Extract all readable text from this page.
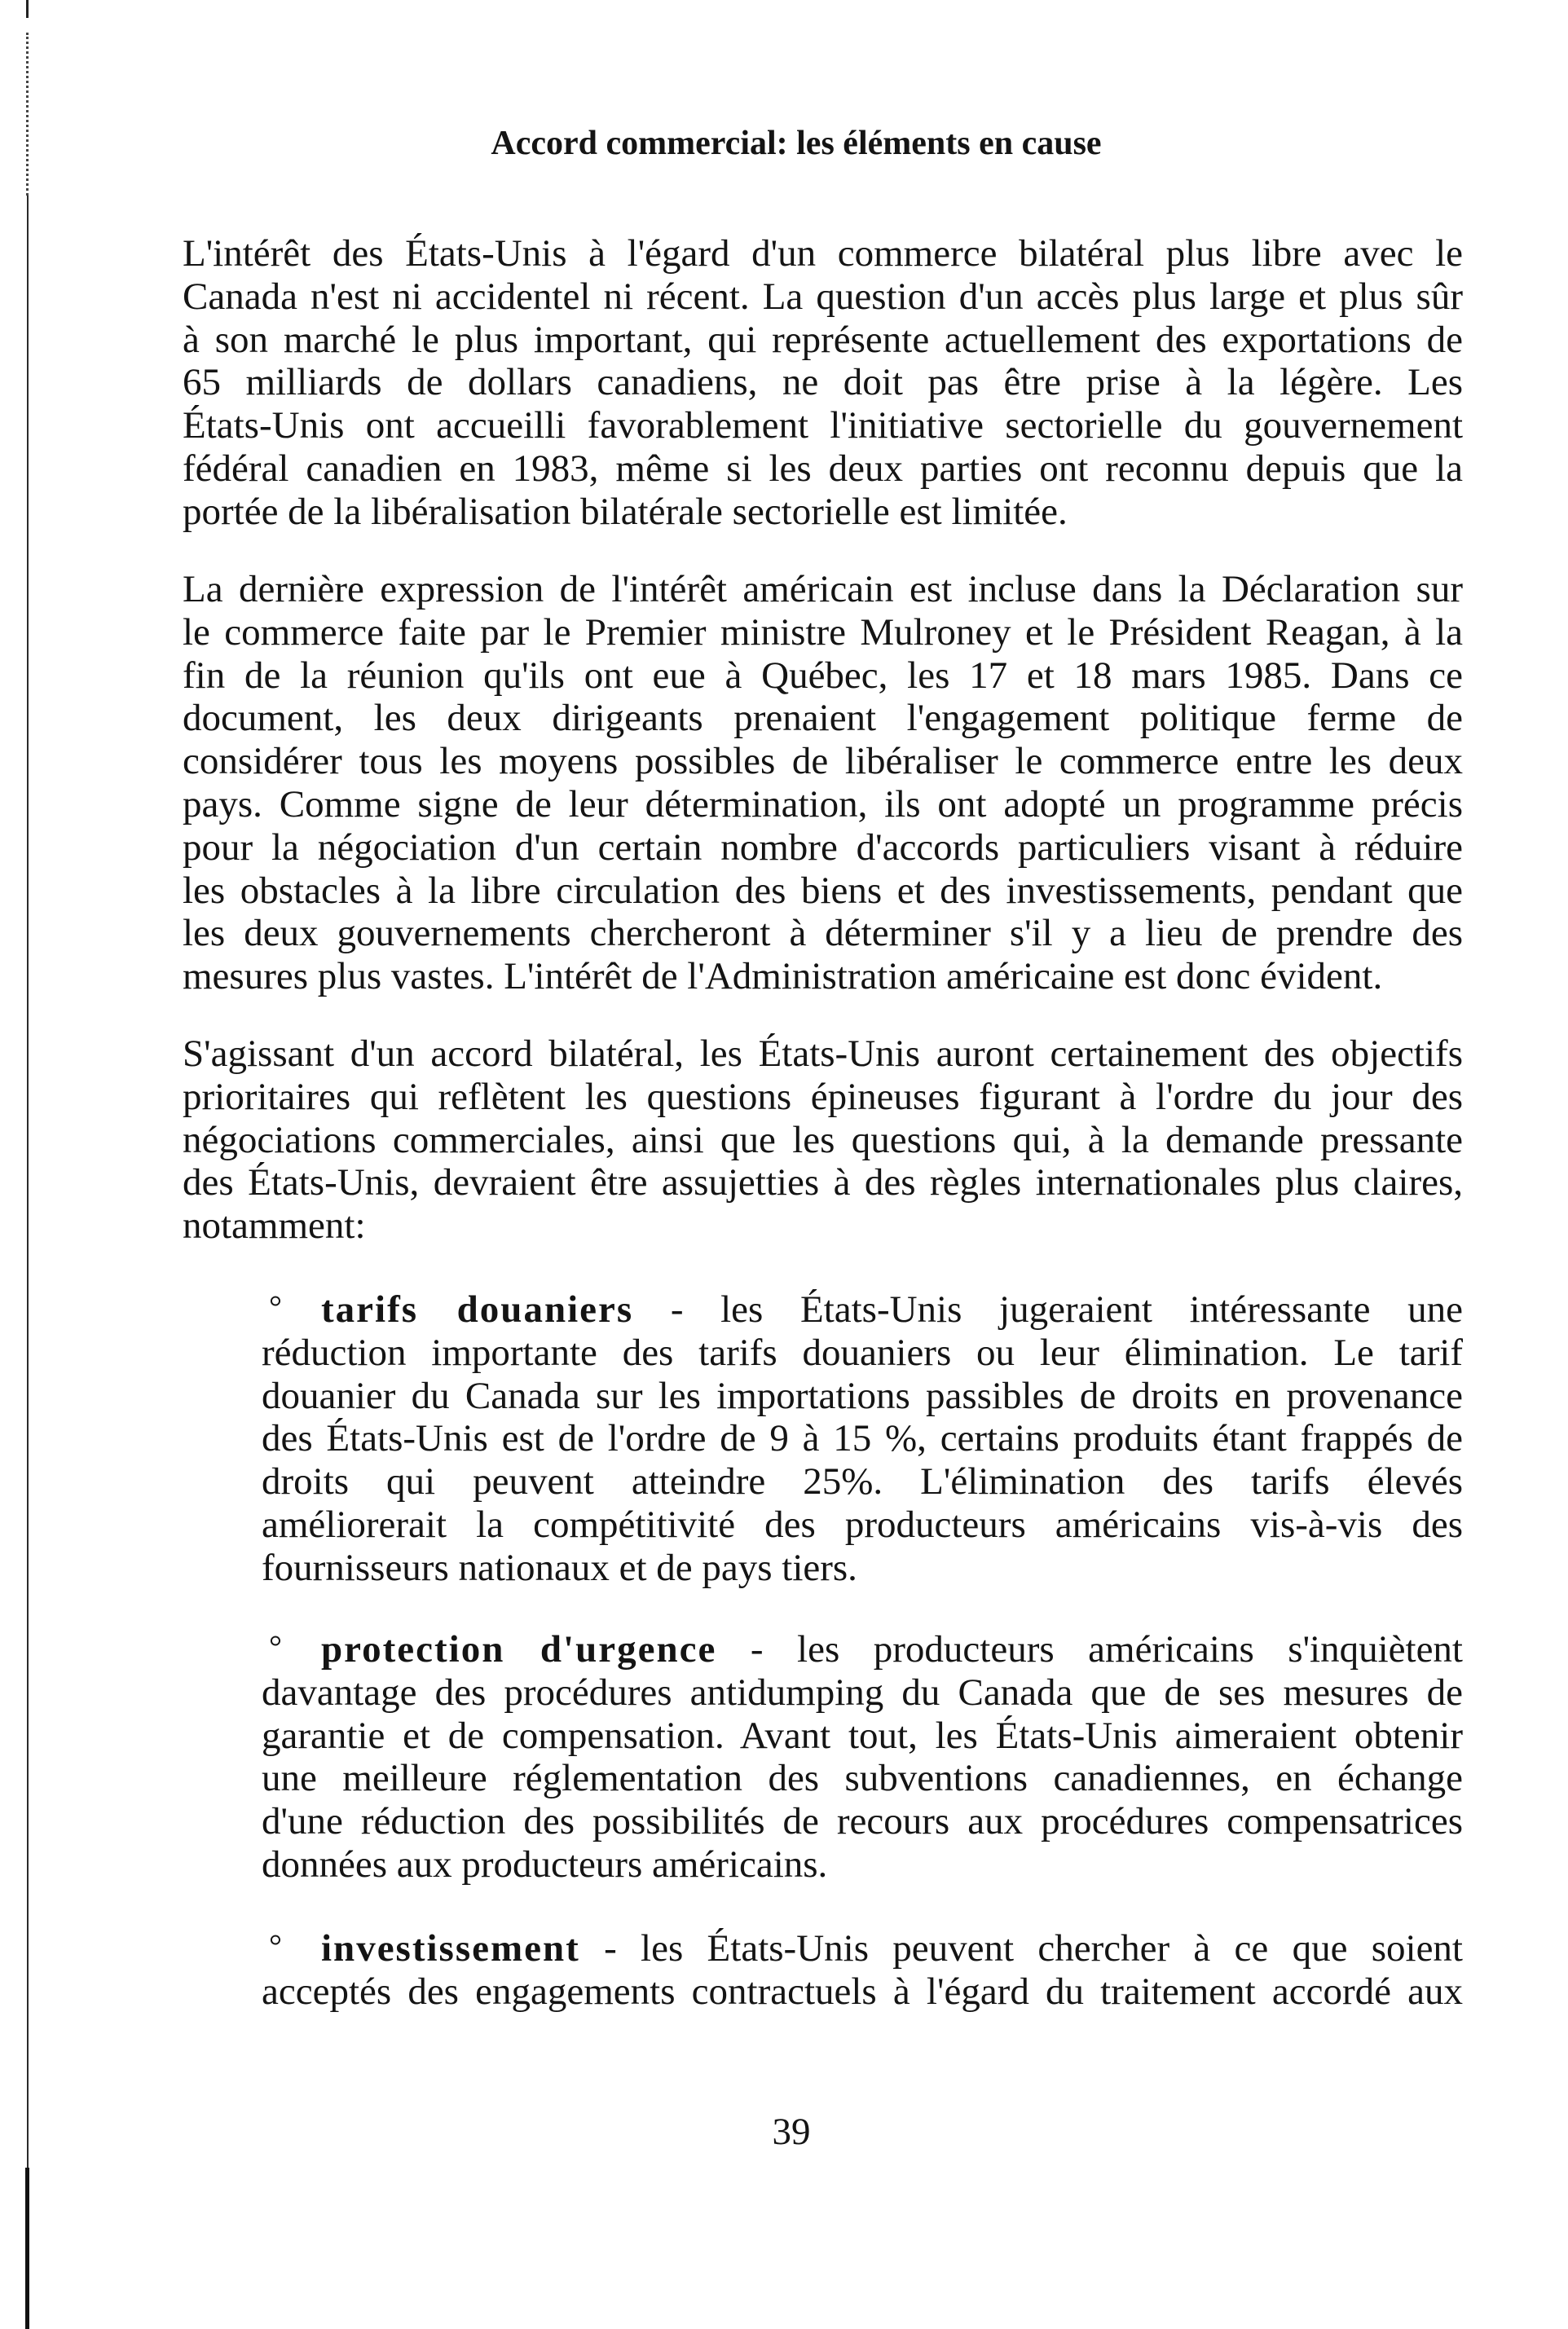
Accord commercial: les éléments en cause
L'intérêt des États-Unis à l'égard d'un commerce bilatéral plus libre avec le
Canada n'est ni accidentel ni récent. La question d'un accès plus large et plus sûr
à son marché le plus important, qui représente actuellement des exportations de
65 milliards de dollars canadiens, ne doit pas être prise à la légère. Les
États-Unis ont accueilli favorablement l'initiative sectorielle du gouvernement
fédéral canadien en 1983, même si les deux parties ont reconnu depuis que la
portée de la libéralisation bilatérale sectorielle est limitée.
La dernière expression de l'intérêt américain est incluse dans la Déclaration sur
le commerce faite par le Premier ministre Mulroney et le Président Reagan, à la
fin de la réunion qu'ils ont eue à Québec, les 17 et 18 mars 1985. Dans ce
document, les deux dirigeants prenaient l'engagement politique ferme de
considérer tous les moyens possibles de libéraliser le commerce entre les deux
pays. Comme signe de leur détermination, ils ont adopté un programme précis
pour la négociation d'un certain nombre d'accords particuliers visant à réduire
les obstacles à la libre circulation des biens et des investissements, pendant que
les deux gouvernements chercheront à déterminer s'il y a lieu de prendre des
mesures plus vastes. L'intérêt de l'Administration américaine est donc évident.
S'agissant d'un accord bilatéral, les États-Unis auront certainement des objectifs
prioritaires qui reflètent les questions épineuses figurant à l'ordre du jour des
négociations commerciales, ainsi que les questions qui, à la demande pressante
des États-Unis, devraient être assujetties à des règles internationales plus claires,
notamment:
°	tarifs douaniers - les États-Unis jugeraient intéressante une
réduction importante des tarifs douaniers ou leur élimination. Le tarif
douanier du Canada sur les importations passibles de droits en provenance
des États-Unis est de l'ordre de 9 à 15 %, certains produits étant frappés de
droits qui peuvent atteindre 25%. L'élimination des tarifs élevés
améliorerait la compétitivité des producteurs américains vis-à-vis des
fournisseurs nationaux et de pays tiers.
°	protection d'urgence - les producteurs américains s'inquiètent
davantage des procédures antidumping du Canada que de ses mesures de
garantie et de compensation. Avant tout, les États-Unis aimeraient obtenir
une meilleure réglementation des subventions canadiennes, en échange
d'une réduction des possibilités de recours aux procédures compensatrices
données aux producteurs américains.
°	investissement - les États-Unis peuvent chercher à ce que soient
acceptés des engagements contractuels à l'égard du traitement accordé aux
39
